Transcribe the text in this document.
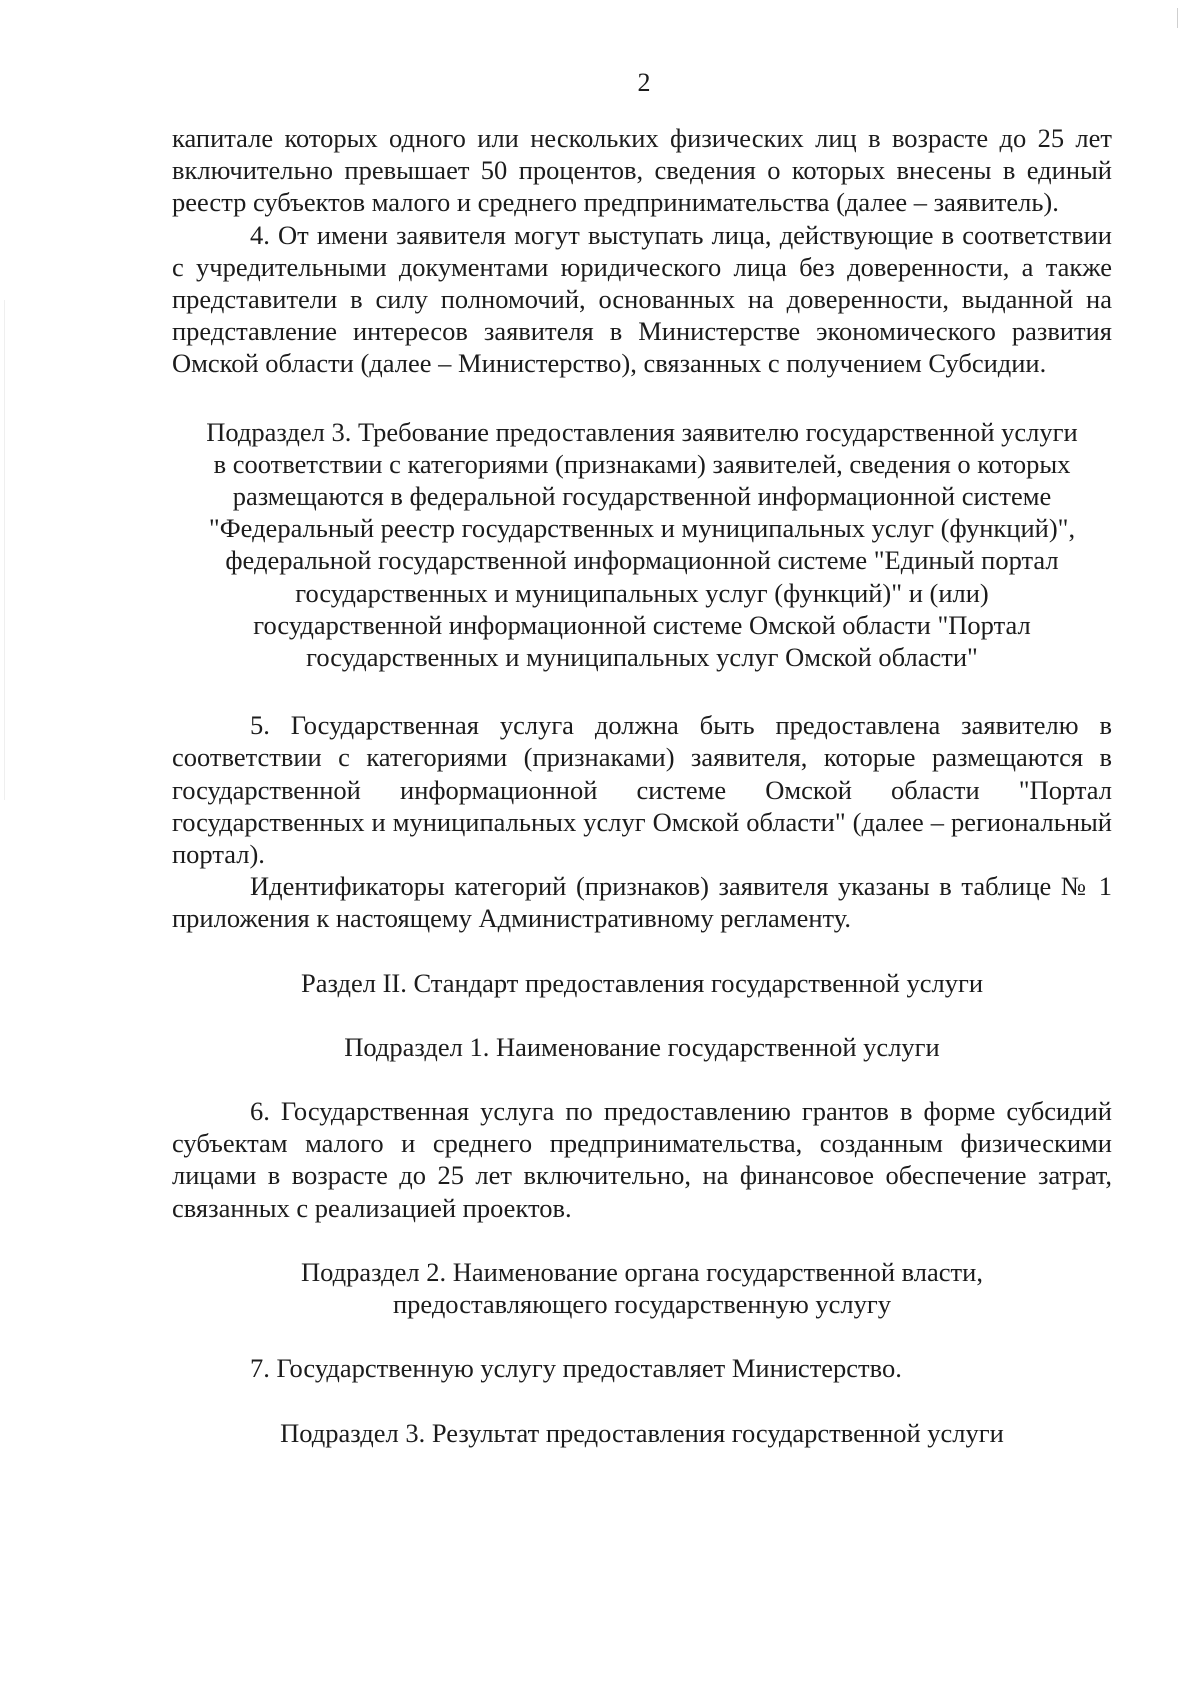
2

капитале которых одного или нескольких физических лиц в возрасте до 25 лет включительно превышает 50 процентов, сведения о которых внесены в единый реестр субъектов малого и среднего предпринимательства (далее – заявитель).

4. От имени заявителя могут выступать лица, действующие в соответствии с учредительными документами юридического лица без доверенности, а также представители в силу полномочий, основанных на доверенности, выданной на представление интересов заявителя в Министерстве экономического развития Омской области (далее – Министерство), связанных с получением Субсидии.

Подраздел 3. Требование предоставления заявителю государственной услуги
в соответствии с категориями (признаками) заявителей, сведения о которых
размещаются в федеральной государственной информационной системе
"Федеральный реестр государственных и муниципальных услуг (функций)",
федеральной государственной информационной системе "Единый портал
государственных и муниципальных услуг (функций)" и (или)
государственной информационной системе Омской области "Портал
государственных и муниципальных услуг Омской области"

5. Государственная услуга должна быть предоставлена заявителю в соответствии с категориями (признаками) заявителя, которые размещаются в государственной информационной системе Омской области "Портал государственных и муниципальных услуг Омской области" (далее – региональный портал).

Идентификаторы категорий (признаков) заявителя указаны в таблице № 1 приложения к настоящему Административному регламенту.

Раздел II. Стандарт предоставления государственной услуги
Подраздел 1. Наименование государственной услуги

6. Государственная услуга по предоставлению грантов в форме субсидий субъектам малого и среднего предпринимательства, созданным физическими лицами в возрасте до 25 лет включительно, на финансовое обеспечение затрат, связанных с реализацией проектов.

Подраздел 2. Наименование органа государственной власти,
предоставляющего государственную услугу

7. Государственную услугу предоставляет Министерство.

Подраздел 3. Результат предоставления государственной услуги
